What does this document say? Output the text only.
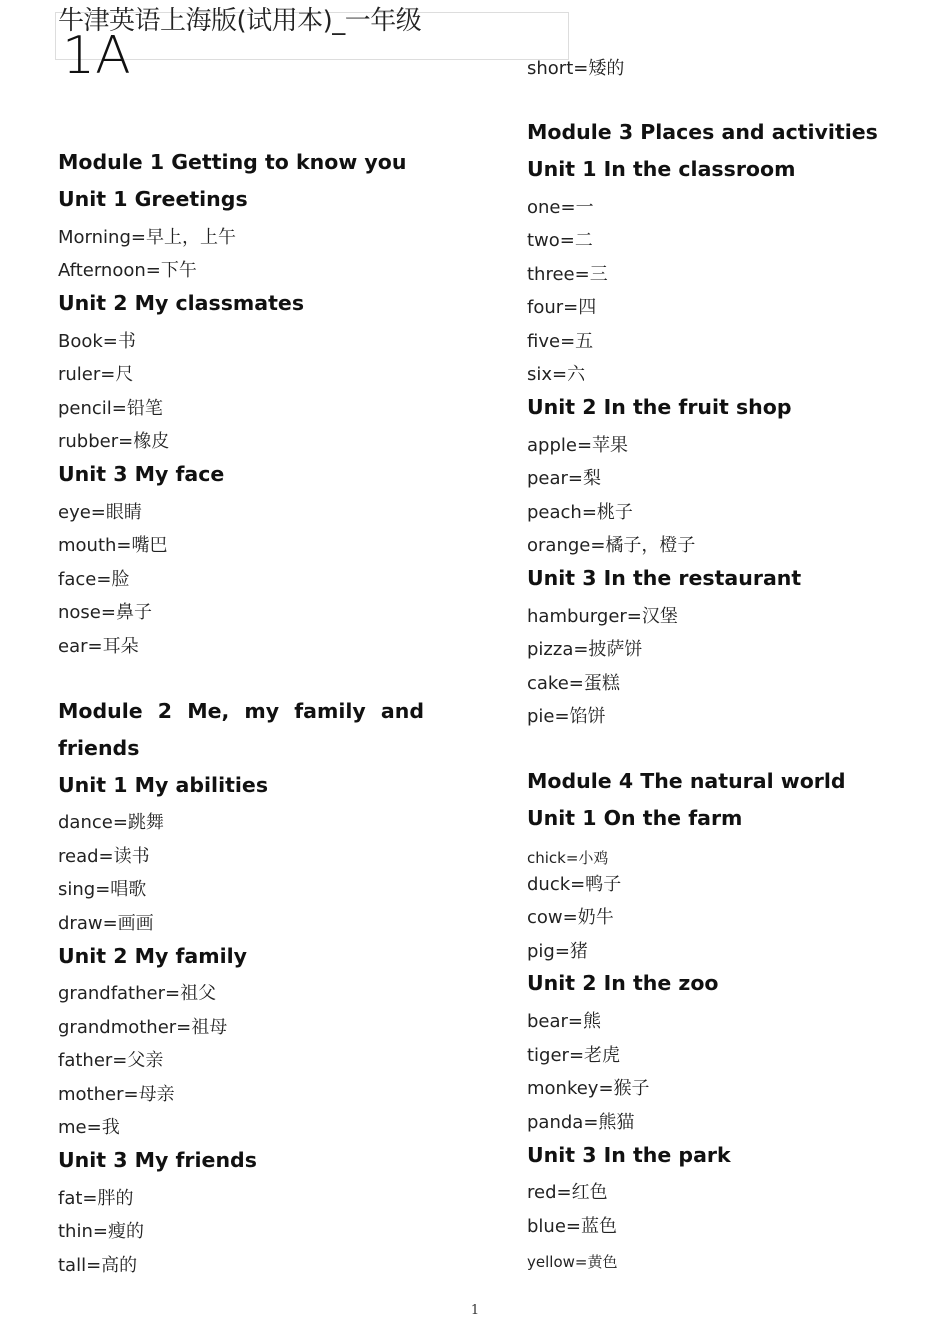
牛津英语上海版(试用本)_一年级
1A
Module 1 Getting to know you
Unit 1 Greetings
Morning=早上，上午
Afternoon=下午
Unit 2 My classmates
Book=书
ruler=尺
pencil=铅笔
rubber=橡皮
Unit 3 My face
eye=眼睛
mouth=嘴巴
face=脸
nose=鼻子
ear=耳朵
Module 2 Me, my family and
friends
Unit 1 My abilities
dance=跳舞
read=读书
sing=唱歌
draw=画画
Unit 2 My family
grandfather=祖父
grandmother=祖母
father=父亲
mother=母亲
me=我
Unit 3 My friends
fat=胖的
thin=瘦的
tall=高的
short=矮的
Module 3 Places and activities
Unit 1 In the classroom
one=一
two=二
three=三
four=四
five=五
six=六
Unit 2 In the fruit shop
apple=苹果
pear=梨
peach=桃子
orange=橘子，橙子
Unit 3 In the restaurant
hamburger=汉堡
pizza=披萨饼
cake=蛋糕
pie=馅饼
Module 4 The natural world
Unit 1 On the farm
chick=小鸡
duck=鸭子
cow=奶牛
pig=猪
Unit 2 In the zoo
bear=熊
tiger=老虎
monkey=猴子
panda=熊猫
Unit 3 In the park
red=红色
blue=蓝色
yellow=黄色
1
